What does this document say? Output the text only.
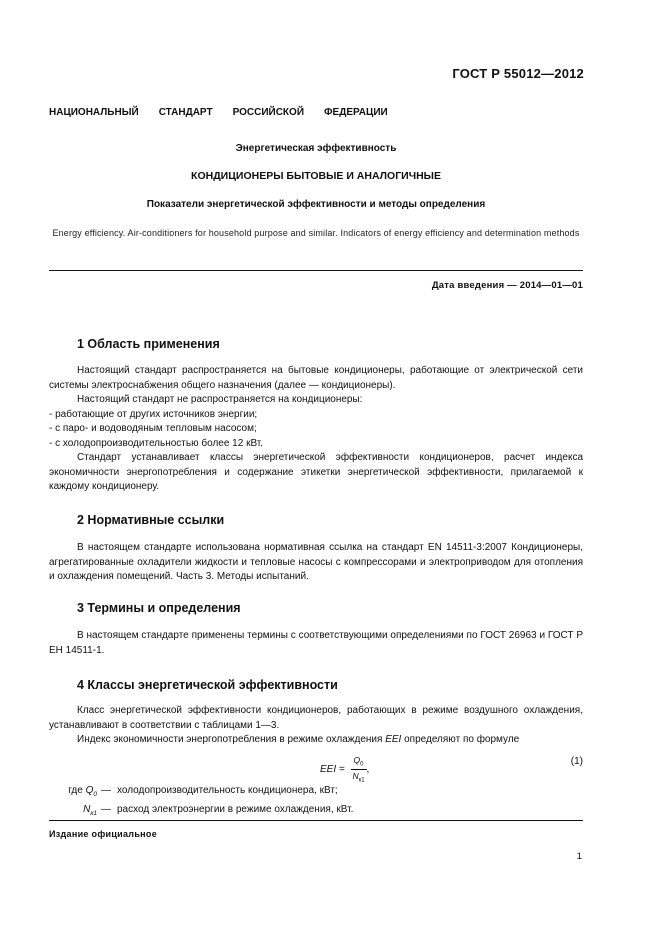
ГОСТ Р 55012—2012
НАЦИОНАЛЬНЫЙ СТАНДАРТ РОССИЙСКОЙ ФЕДЕРАЦИИ
Энергетическая эффективность
КОНДИЦИОНЕРЫ БЫТОВЫЕ И АНАЛОГИЧНЫЕ
Показатели энергетической эффективности и методы определения
Energy efficiency. Air-conditioners for household purpose and similar. Indicators of energy efficiency and determination methods
Дата введения — 2014—01—01
1 Область применения

Настоящий стандарт распространяется на бытовые кондиционеры, работающие от электрической сети системы электроснабжения общего назначения (далее — кондиционеры).

Настоящий стандарт не распространяется на кондиционеры:

- работающие от других источников энергии;

- с паро- и водоводяным тепловым насосом;

- с холодопроизводительностью более 12 кВт.

Стандарт устанавливает классы энергетической эффективности кондиционеров, расчет индекса экономичности энергопотребления и содержание этикетки энергетической эффективности, прилагаемой к каждому кондиционеру.

2 Нормативные ссылки

В настоящем стандарте использована нормативная ссылка на стандарт EN 14511-3:2007 Кондиционеры, агрегатированные охладители жидкости и тепловые насосы с компрессорами и электроприводом для отопления и охлаждения помещений. Часть 3. Методы испытаний.

3 Термины и определения

В настоящем стандарте применены термины с соответствующими определениями по ГОСТ 26963 и ГОСТ Р ЕН 14511-1.

4 Классы энергетической эффективности

Класс энергетической эффективности кондиционеров, работающих в режиме воздушного охлаждения, устанавливают в соответствии с таблицами 1—3.

Индекс экономичности энергопотребления в режиме охлаждения EEI определяют по формуле

EEI = $\frac{Q_0}{N_{к1}}$ ,
(1)
где $Q_0$ — холодопроизводительность кондиционера, кВт;
$N_{к1}$ — расход электроэнергии в режиме охлаждения, кВт.
Издание официальное
1
